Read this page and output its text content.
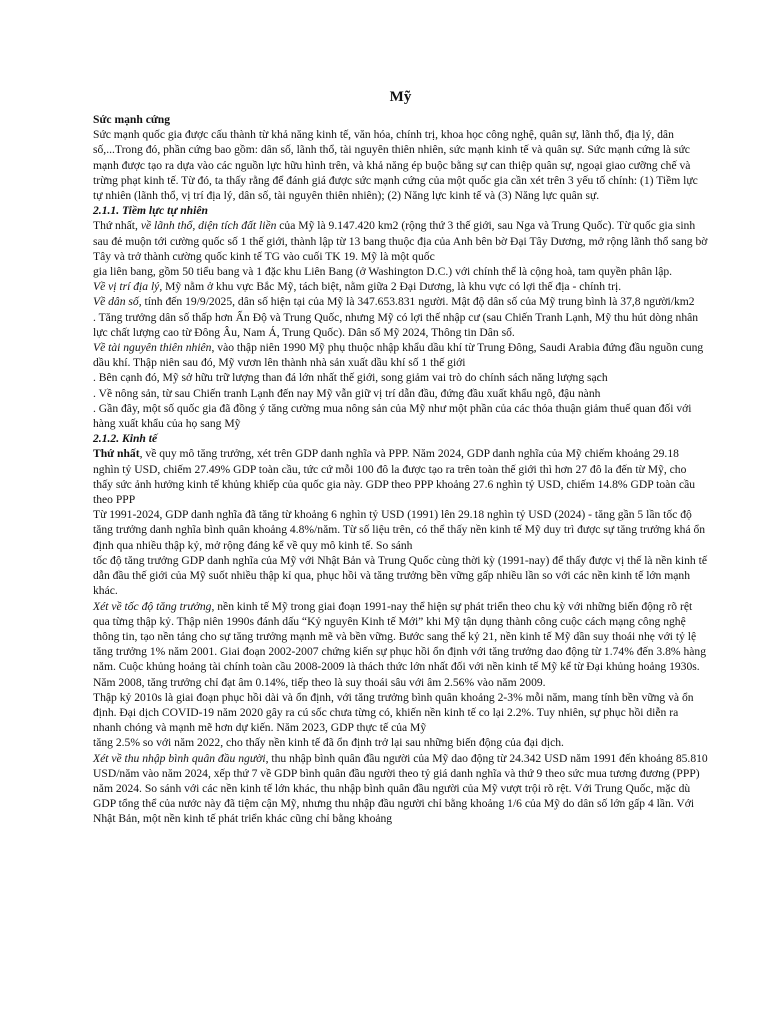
Mỹ

Sức mạnh cứng

Sức mạnh quốc gia được cấu thành từ khả năng kinh tế, văn hóa, chính trị, khoa học công nghệ, quân sự, lãnh thổ, địa lý, dân số,...Trong đó, phần cứng bao gồm: dân số, lãnh thổ, tài nguyên thiên nhiên, sức mạnh kinh tế và quân sự. Sức mạnh cứng là sức mạnh được tạo ra dựa vào các nguồn lực hữu hình trên, và khả năng ép buộc bằng sự can thiệp quân sự, ngoại giao cưỡng chế và trừng phạt kinh tế. Từ đó, ta thấy rằng để đánh giá được sức mạnh cứng của một quốc gia cần xét trên 3 yếu tố chính: (1) Tiềm lực tự nhiên (lãnh thổ, vị trí địa lý, dân số, tài nguyên thiên nhiên); (2) Năng lực kinh tế và (3) Năng lực quân sự.

2.1.1. Tiềm lực tự nhiên

Thứ nhất, về lãnh thổ, diện tích đất liền của Mỹ là 9.147.420 km2 (rộng thứ 3 thế giới, sau Nga và Trung Quốc). Từ quốc gia sinh sau đẻ muộn tới cường quốc số 1 thế giới, thành lập từ 13 bang thuộc địa của Anh bên bờ Đại Tây Dương, mở rộng lãnh thổ sang bờ Tây và trở thành cường quốc kinh tế TG vào cuối TK 19. Mỹ là một quốc

gia liên bang, gồm 50 tiểu bang và 1 đặc khu Liên Bang (ở Washington D.C.) với chính thể là cộng hoà, tam quyền phân lập.

Về vị trí địa lý, Mỹ nằm ở khu vực Bắc Mỹ, tách biệt, nằm giữa 2 Đại Dương, là khu vực có lợi thế địa - chính trị.

Về dân số, tính đến 19/9/2025, dân số hiện tại của Mỹ là 347.653.831 người. Mật độ dân số của Mỹ trung bình là 37,8 người/km2

. Tăng trưởng dân số thấp hơn Ấn Độ và Trung Quốc, nhưng Mỹ có lợi thế nhập cư (sau Chiến Tranh Lạnh, Mỹ thu hút dòng nhân lực chất lượng cao từ Đông Âu, Nam Á, Trung Quốc). Dân số Mỹ 2024, Thông tin Dân số.

Về tài nguyên thiên nhiên, vào thập niên 1990 Mỹ phụ thuộc nhập khẩu dầu khí từ Trung Đông, Saudi Arabia đứng đầu nguồn cung dầu khí. Thập niên sau đó, Mỹ vươn lên thành nhà sản xuất dầu khí số 1 thế giới

. Bên cạnh đó, Mỹ sở hữu trữ lượng than đá lớn nhất thế giới, song giảm vai trò do chính sách năng lượng sạch

. Về nông sản, từ sau Chiến tranh Lạnh đến nay Mỹ vẫn giữ vị trí dẫn đầu, đứng đầu xuất khẩu ngô, đậu nành

. Gần đây, một số quốc gia đã đồng ý tăng cường mua nông sản của Mỹ như một phần của các thỏa thuận giảm thuế quan đối với hàng xuất khẩu của họ sang Mỹ

2.1.2. Kinh tế

Thứ nhất, về quy mô tăng trưởng, xét trên GDP danh nghĩa và PPP. Năm 2024, GDP danh nghĩa của Mỹ chiếm khoảng 29.18 nghìn tỷ USD, chiếm 27.49% GDP toàn cầu, tức cứ mỗi 100 đô la được tạo ra trên toàn thế giới thì hơn 27 đô la đến từ Mỹ, cho thấy sức ảnh hưởng kinh tế khủng khiếp của quốc gia này. GDP theo PPP khoảng 27.6 nghìn tỷ USD, chiếm 14.8% GDP toàn cầu theo PPP

Từ 1991-2024, GDP danh nghĩa đã tăng từ khoảng 6 nghìn tỷ USD (1991) lên 29.18 nghìn tỷ USD (2024) - tăng gần 5 lần tốc độ tăng trưởng danh nghĩa bình quân khoảng 4.8%/năm. Từ số liệu trên, có thể thấy nền kinh tế Mỹ duy trì được sự tăng trưởng khá ổn định qua nhiều thập kỷ, mở rộng đáng kể về quy mô kinh tế. So sánh

tốc độ tăng trưởng GDP danh nghĩa của Mỹ với Nhật Bản và Trung Quốc cùng thời kỳ (1991-nay) để thấy được vị thế là nền kinh tế dẫn đầu thế giới của Mỹ suốt nhiều thập kỉ qua, phục hồi và tăng trưởng bền vững gấp nhiều lần so với các nền kinh tế lớn mạnh khác.

Xét về tốc độ tăng trưởng, nền kinh tế Mỹ trong giai đoạn 1991-nay thể hiện sự phát triển theo chu kỳ với những biến động rõ rệt qua từng thập kỷ. Thập niên 1990s đánh dấu “Kỷ nguyên Kinh tế Mới” khi Mỹ tận dụng thành công cuộc cách mạng công nghệ thông tin, tạo nền tảng cho sự tăng trưởng mạnh mẽ và bền vững. Bước sang thế kỷ 21, nền kinh tế Mỹ dần suy thoái nhẹ với tỷ lệ tăng trưởng 1% năm 2001. Giai đoạn 2002-2007 chứng kiến sự phục hồi ổn định với tăng trưởng dao động từ 1.74% đến 3.8% hàng năm. Cuộc khủng hoảng tài chính toàn cầu 2008-2009 là thách thức lớn nhất đối với nền kinh tế Mỹ kể từ Đại khủng hoảng 1930s. Năm 2008, tăng trưởng chỉ đạt âm 0.14%, tiếp theo là suy thoái sâu với âm 2.56% vào năm 2009.

Thập kỷ 2010s là giai đoạn phục hồi dài và ổn định, với tăng trưởng bình quân khoảng 2-3% mỗi năm, mang tính bền vững và ổn định. Đại dịch COVID-19 năm 2020 gây ra cú sốc chưa từng có, khiến nền kinh tế co lại 2.2%. Tuy nhiên, sự phục hồi diễn ra nhanh chóng và mạnh mẽ hơn dự kiến. Năm 2023, GDP thực tế của Mỹ

tăng 2.5% so với năm 2022, cho thấy nền kinh tế đã ổn định trở lại sau những biến động của đại dịch.

Xét về thu nhập bình quân đầu người, thu nhập bình quân đầu người của Mỹ dao động từ 24.342 USD năm 1991 đến khoảng 85.810 USD/năm vào năm 2024, xếp thứ 7 về GDP bình quân đầu người theo tỷ giá danh nghĩa và thứ 9 theo sức mua tương đương (PPP) năm 2024. So sánh với các nền kinh tế lớn khác, thu nhập bình quân đầu người của Mỹ vượt trội rõ rệt. Với Trung Quốc, mặc dù GDP tổng thể của nước này đã tiệm cận Mỹ, nhưng thu nhập đầu người chỉ bằng khoảng 1/6 của Mỹ do dân số lớn gấp 4 lần. Với Nhật Bản, một nền kinh tế phát triển khác cũng chỉ bằng khoảng
